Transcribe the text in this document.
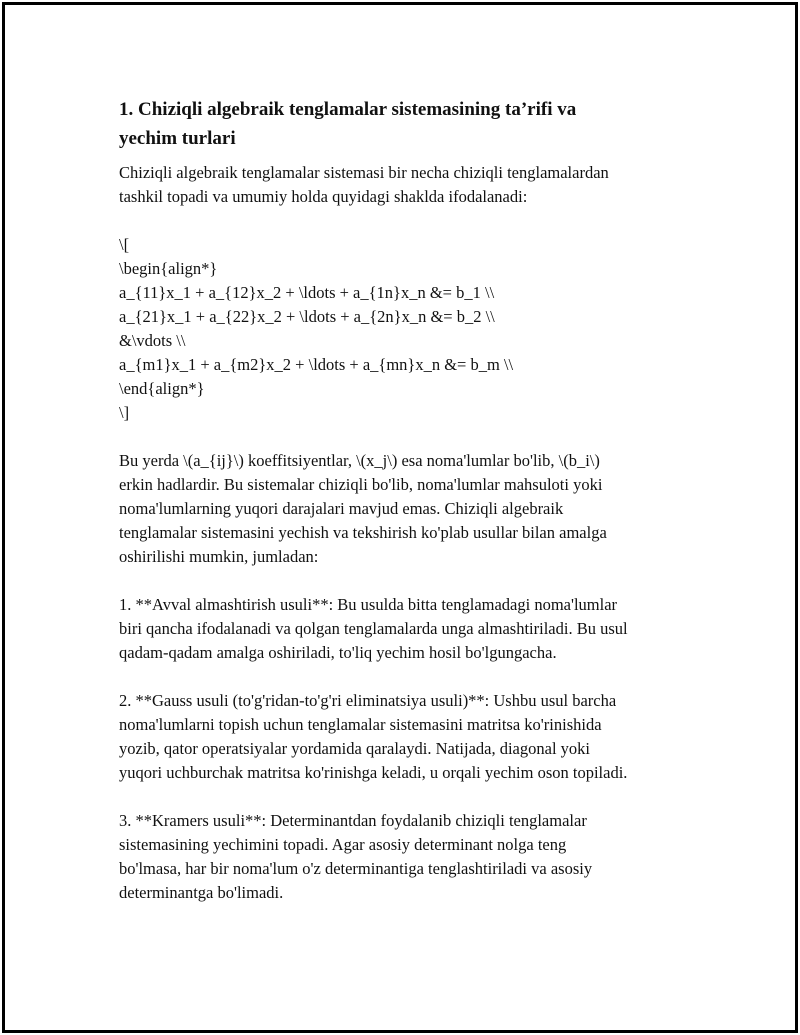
1. Chiziqli algebraik tenglamalar sistemasining ta’rifi va
yechim turlari

Chiziqli algebraik tenglamalar sistemasi bir necha chiziqli tenglamalardan
tashkil topadi va umumiy holda quyidagi shaklda ifodalanadi:

\[
\begin{align*}
a_{11}x_1 + a_{12}x_2 + \ldots + a_{1n}x_n &= b_1 \\
a_{21}x_1 + a_{22}x_2 + \ldots + a_{2n}x_n &= b_2 \\
&\vdots \\
a_{m1}x_1 + a_{m2}x_2 + \ldots + a_{mn}x_n &= b_m \\
\end{align*}
\]

Bu yerda \(a_{ij}\) koeffitsiyentlar, \(x_j\) esa noma'lumlar bo'lib, \(b_i\)
erkin hadlardir. Bu sistemalar chiziqli bo'lib, noma'lumlar mahsuloti yoki
noma'lumlarning yuqori darajalari mavjud emas. Chiziqli algebraik
tenglamalar sistemasini yechish va tekshirish ko'plab usullar bilan amalga
oshirilishi mumkin, jumladan:

1. **Avval almashtirish usuli**: Bu usulda bitta tenglamadagi noma'lumlar
biri qancha ifodalanadi va qolgan tenglamalarda unga almashtiriladi. Bu usul
qadam-qadam amalga oshiriladi, to'liq yechim hosil bo'lgungacha.

2. **Gauss usuli (to'g'ridan-to'g'ri eliminatsiya usuli)**: Ushbu usul barcha
noma'lumlarni topish uchun tenglamalar sistemasini matritsa ko'rinishida
yozib, qator operatsiyalar yordamida qaralaydi. Natijada, diagonal yoki
yuqori uchburchak matritsa ko'rinishga keladi, u orqali yechim oson topiladi.

3. **Kramers usuli**: Determinantdan foydalanib chiziqli tenglamalar
sistemasining yechimini topadi. Agar asosiy determinant nolga teng
bo'lmasa, har bir noma'lum o'z determinantiga tenglashtiriladi va asosiy
determinantga bo'limadi.
